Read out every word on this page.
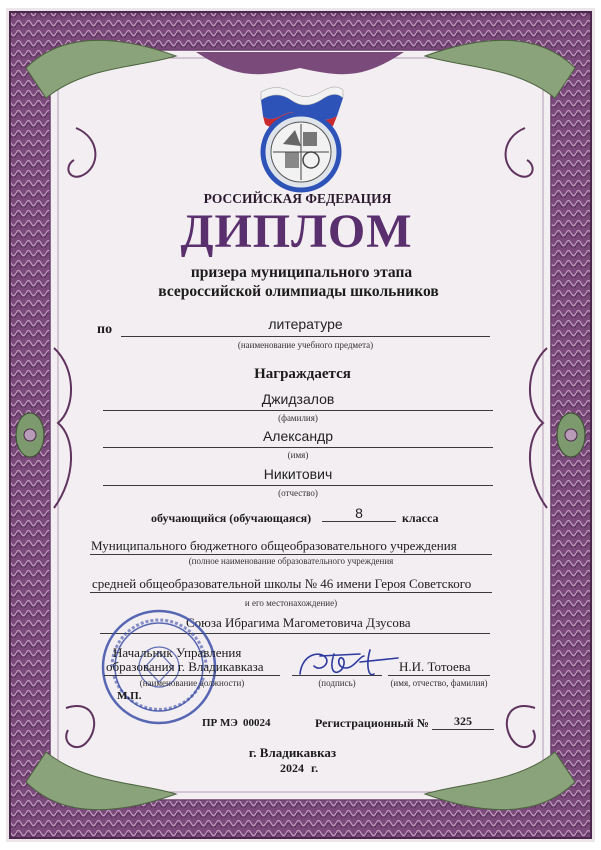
РОССИЙСКАЯ ФЕДЕРАЦИЯ
ДИПЛОМ
призера муниципального этапа
всероссийской олимпиады школьников
по	литературе
(наименование учебного предмета)
Награждается
Джидзалов
(фамилия)
Александр
(имя)
Никитович
(отчество)
обучающийся (обучающаяся)	8	класса
Муниципального бюджетного общеобразовательного учреждения
(полное наименование образовательного учреждения
средней общеобразовательной школы № 46 имени Героя Советского
и его местонахождение)
Союза Ибрагима Магометовича Дзусова
Начальник Управления
образования г. Владикавказа
(наименование должности)	(подпись)
Н.И. Тотоева
(имя, отчество, фамилия)
М.П.
ПР МЭ 00024	Регистрационный №	325
г. Владикавказ
2024 г.
